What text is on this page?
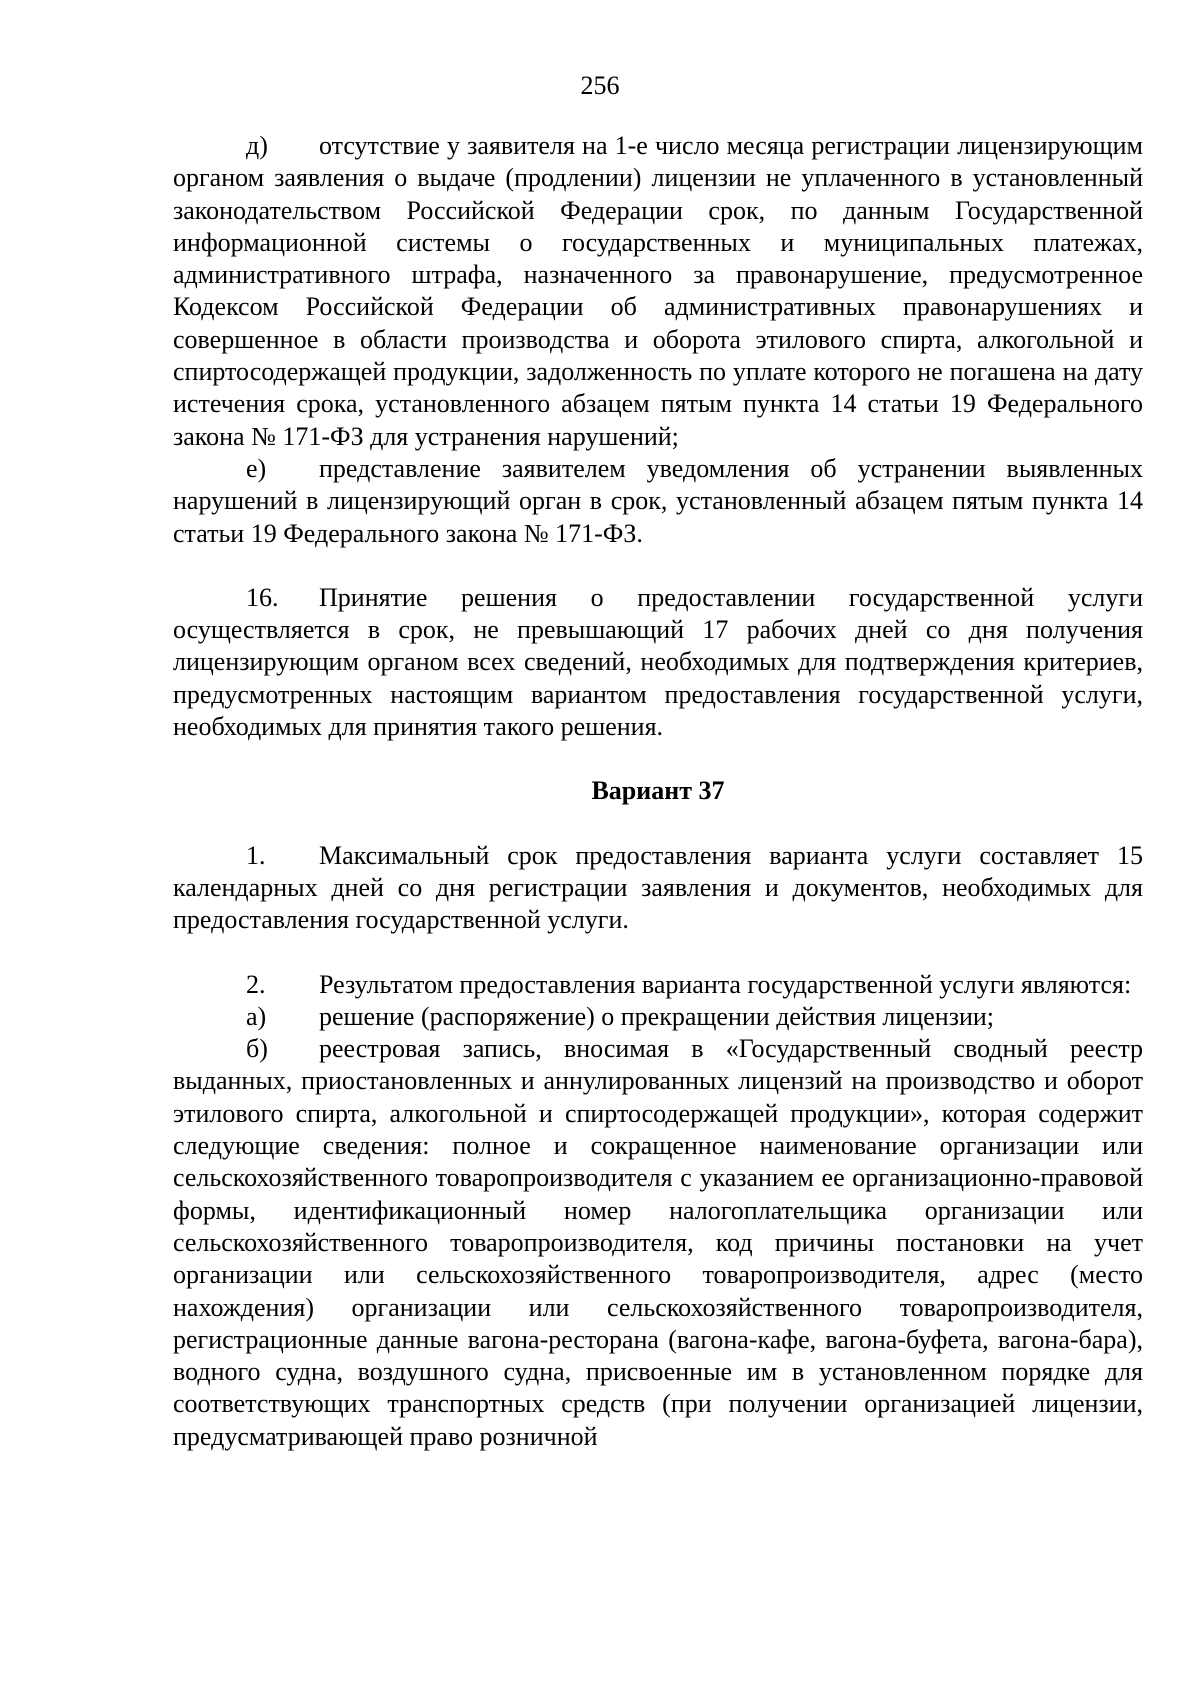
256

д) отсутствие у заявителя на 1-е число месяца регистрации лицензирующим органом заявления о выдаче (продлении) лицензии не уплаченного в установленный законодательством Российской Федерации срок, по данным Государственной информационной системы о государственных и муниципальных платежах, административного штрафа, назначенного за правонарушение, предусмотренное Кодексом Российской Федерации об административных правонарушениях и совершенное в области производства и оборота этилового спирта, алкогольной и спиртосодержащей продукции, задолженность по уплате которого не погашена на дату истечения срока, установленного абзацем пятым пункта 14 статьи 19 Федерального закона № 171-ФЗ для устранения нарушений;

е) представление заявителем уведомления об устранении выявленных нарушений в лицензирующий орган в срок, установленный абзацем пятым пункта 14 статьи 19 Федерального закона № 171-ФЗ.

16. Принятие решения о предоставлении государственной услуги осуществляется в срок, не превышающий 17 рабочих дней со дня получения лицензирующим органом всех сведений, необходимых для подтверждения критериев, предусмотренных настоящим вариантом предоставления государственной услуги, необходимых для принятия такого решения.

Вариант 37

1. Максимальный срок предоставления варианта услуги составляет 15 календарных дней со дня регистрации заявления и документов, необходимых для предоставления государственной услуги.

2. Результатом предоставления варианта государственной услуги являются:

а) решение (распоряжение) о прекращении действия лицензии;

б) реестровая запись, вносимая в «Государственный сводный реестр выданных, приостановленных и аннулированных лицензий на производство и оборот этилового спирта, алкогольной и спиртосодержащей продукции», которая содержит следующие сведения: полное и сокращенное наименование организации или сельскохозяйственного товаропроизводителя с указанием ее организационно-правовой формы, идентификационный номер налогоплательщика организации или сельскохозяйственного товаропроизводителя, код причины постановки на учет организации или сельскохозяйственного товаропроизводителя, адрес (место нахождения) организации или сельскохозяйственного товаропроизводителя, регистрационные данные вагона-ресторана (вагона-кафе, вагона-буфета, вагона-бара), водного судна, воздушного судна, присвоенные им в установленном порядке для соответствующих транспортных средств (при получении организацией лицензии, предусматривающей право розничной
